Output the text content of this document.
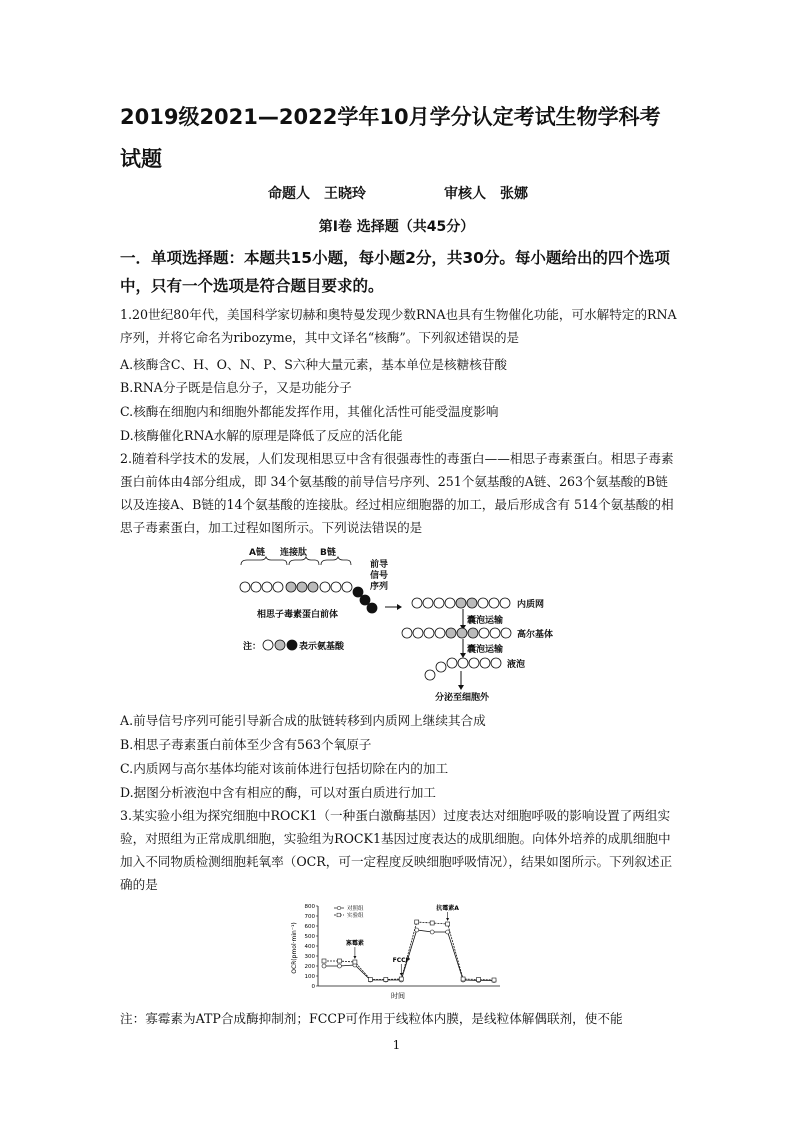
2019级2021—2022学年10月学分认定考试生物学科考试题
命题人　王晓玲	审核人　张娜
第Ⅰ卷 选择题（共45分）
一．单项选择题：本题共15小题，每小题2分，共30分。每小题给出的四个选项中，只有一个选项是符合题目要求的。
1.20世纪80年代，美国科学家切赫和奥特曼发现少数RNA也具有生物催化功能，可水解特定的RNA序列，并将它命名为ribozyme，其中文译名“核酶”。下列叙述错误的是
A.核酶含C、H、O、N、P、S六种大量元素，基本单位是核糖核苷酸
B.RNA分子既是信息分子，又是功能分子
C.核酶在细胞内和细胞外都能发挥作用，其催化活性可能受温度影响
D.核酶催化RNA水解的原理是降低了反应的活化能
2.随着科学技术的发展，人们发现相思豆中含有很强毒性的毒蛋白——相思子毒素蛋白。相思子毒素蛋白前体由4部分组成，即 34个氨基酸的前导信号序列、251个氨基酸的A链、263个氨基酸的B链以及连接A、B链的14个氨基酸的连接肽。经过相应细胞器的加工，最后形成含有 514个氨基酸的相思子毒素蛋白，加工过程如图所示。下列说法错误的是
A链 连接肽 B链
前导
信号
序列
相思子毒素蛋白前体
内质网
囊泡运输
高尔基体
囊泡运输
液泡
分泌至细胞外
注：	表示氨基酸
A.前导信号序列可能引导新合成的肽链转移到内质网上继续其合成
B.相思子毒素蛋白前体至少含有563个氧原子
C.内质网与高尔基体均能对该前体进行包括切除在内的加工
D.据图分析液泡中含有相应的酶，可以对蛋白质进行加工
3.某实验小组为探究细胞中ROCK1（一种蛋白激酶基因）过度表达对细胞呼吸的影响设置了两组实验，对照组为正常成肌细胞，实验组为ROCK1基因过度表达的成肌细胞。向体外培养的成肌细胞中加入不同物质检测细胞耗氧率（OCR，可一定程度反映细胞呼吸情况），结果如图所示。下列叙述正确的是
0
100
200
300
400
500
600
700
800	对照组
实验组
寡霉素
FCCP
抗霉素A
时间
OCR(pmol·min⁻¹)
注：寡霉素为ATP合成酶抑制剂；FCCP可作用于线粒体内膜，是线粒体解偶联剂，使不能
1
